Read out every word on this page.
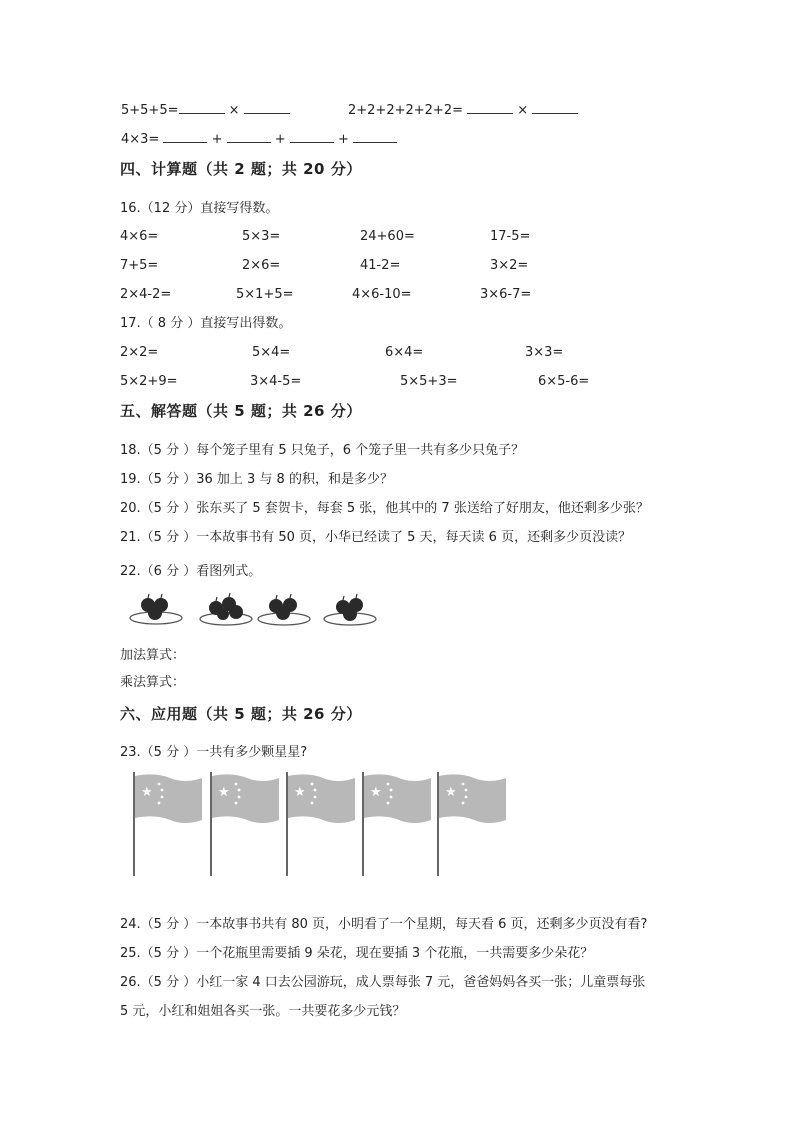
5+5+5=	×	2+2+2+2+2+2=	×
4×3=	+	+	+
四、计算题（共 2 题；共 20 分）
16.（12 分）直接写得数。
4×6=	5×3=	24+60=	17-5=
7+5=	2×6=	41-2=	3×2=
2×4-2=	5×1+5=	4×6-10=	3×6-7=
17.（ 8 分 ）直接写出得数。
2×2=	5×4=	6×4=	3×3=
5×2+9=	3×4-5=	5×5+3=	6×5-6=
五、解答题（共 5 题；共 26 分）
18.（5 分 ）每个笼子里有 5 只兔子，6 个笼子里一共有多少只兔子？
19.（5 分 ）36 加上 3 与 8 的积，和是多少？
20.（5 分 ）张东买了 5 套贺卡，每套 5 张，他其中的 7 张送给了好朋友，他还剩多少张？
21.（5 分 ）一本故事书有 50 页，小华已经读了 5 天，每天读 6 页，还剩多少页没读？
22.（6 分 ）看图列式。
加法算式：
乘法算式：
六、应用题（共 5 题；共 26 分）
23.（5 分 ）一共有多少颗星星?
★	★	★	★	★
24.（5 分 ）一本故事书共有 80 页，小明看了一个星期，每天看 6 页，还剩多少页没有看?
25.（5 分 ）一个花瓶里需要插 9 朵花，现在要插 3 个花瓶，一共需要多少朵花？
26.（5 分 ）小红一家 4 口去公园游玩，成人票每张 7 元，爸爸妈妈各买一张；儿童票每张
5 元，小红和姐姐各买一张。一共要花多少元钱？
